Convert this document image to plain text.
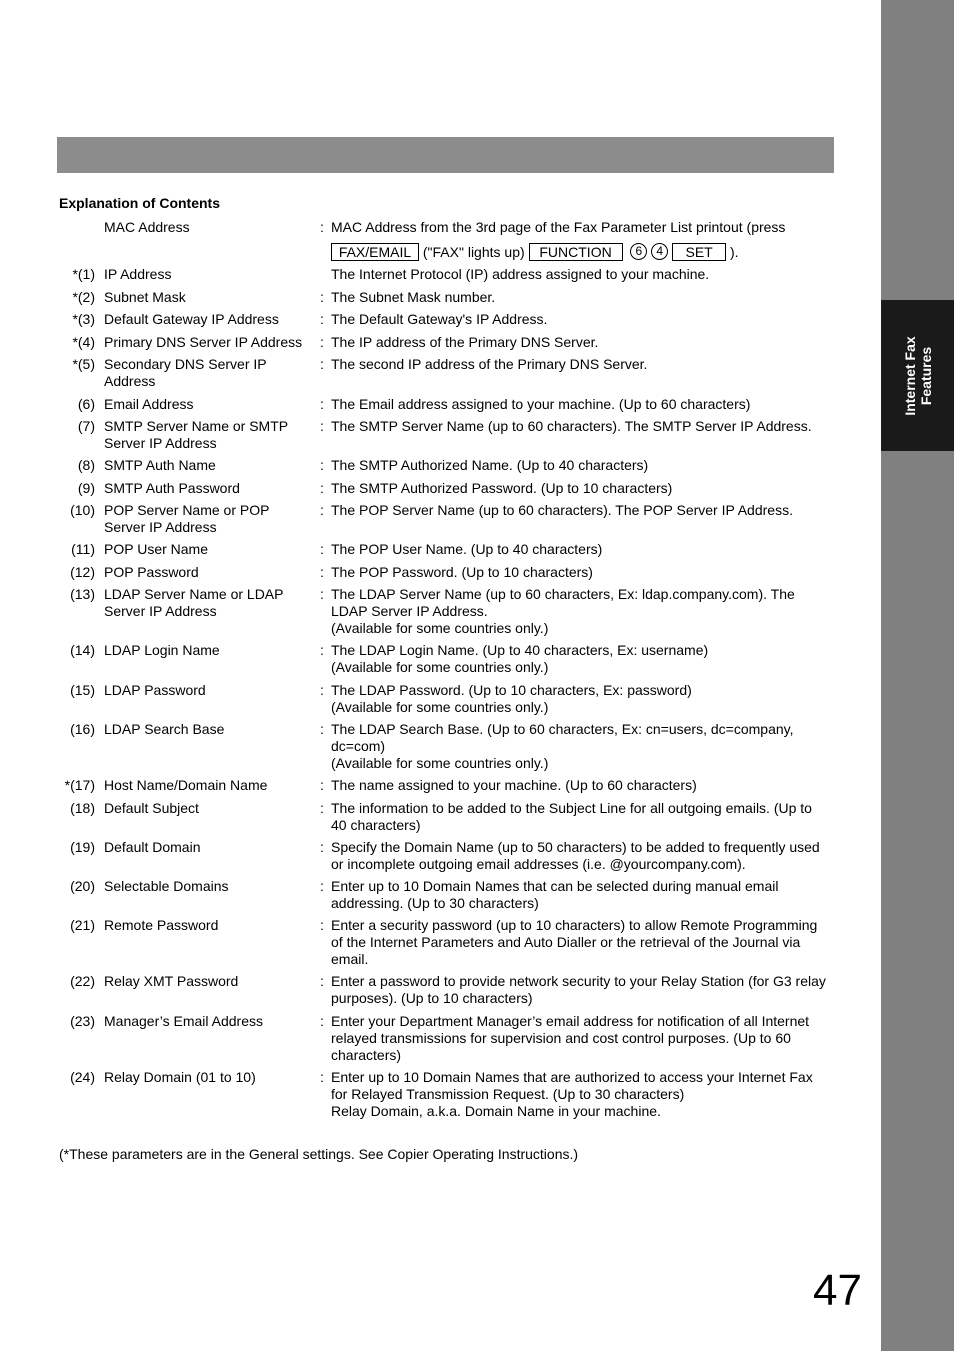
Internet Fax Features
Explanation of Contents
MAC Address	: MAC Address from the 3rd page of the Fax Parameter List printout (press
FAX/EMAIL ("FAX" lights up) FUNCTION 6 4 SET ).
*(1) IP Address	The Internet Protocol (IP) address assigned to your machine.
*(2) Subnet Mask	: The Subnet Mask number.
*(3) Default Gateway IP Address	: The Default Gateway's IP Address.
*(4) Primary DNS Server IP Address	: The IP address of the Primary DNS Server.
*(5) Secondary DNS Server IP Address
: The second IP address of the Primary DNS Server.
(6) Email Address	: The Email address assigned to your machine. (Up to 60 characters)
(7) SMTP Server Name or SMTP Server IP Address
: The SMTP Server Name (up to 60 characters). The SMTP Server IP Address.
(8) SMTP Auth Name	: The SMTP Authorized Name. (Up to 40 characters)
(9) SMTP Auth Password	: The SMTP Authorized Password. (Up to 10 characters)
(10) POP Server Name or POP Server IP Address
: The POP Server Name (up to 60 characters). The POP Server IP Address.
(11) POP User Name	: The POP User Name. (Up to 40 characters)
(12) POP Password	: The POP Password. (Up to 10 characters)
(13) LDAP Server Name or LDAP Server IP Address
: The LDAP Server Name (up to 60 characters, Ex: ldap.company.com). The LDAP Server IP Address.
(Available for some countries only.)
(14) LDAP Login Name	: The LDAP Login Name. (Up to 40 characters, Ex: username)
(Available for some countries only.)
(15) LDAP Password	: The LDAP Password. (Up to 10 characters, Ex: password)
(Available for some countries only.)
(16) LDAP Search Base	: The LDAP Search Base. (Up to 60 characters, Ex: cn=users, dc=company, dc=com)
(Available for some countries only.)
*(17) Host Name/Domain Name	: The name assigned to your machine. (Up to 60 characters)
(18) Default Subject	: The information to be added to the Subject Line for all outgoing emails. (Up to 40 characters)
(19) Default Domain	: Specify the Domain Name (up to 50 characters) to be added to frequently used or incomplete outgoing email addresses (i.e. @yourcompany.com).
(20) Selectable Domains	: Enter up to 10 Domain Names that can be selected during manual email addressing. (Up to 30 characters)
(21) Remote Password	: Enter a security password (up to 10 characters) to allow Remote Programming of the Internet Parameters and Auto Dialler or the retrieval of the Journal via email.
(22) Relay XMT Password	: Enter a password to provide network security to your Relay Station (for G3 relay purposes). (Up to 10 characters)
(23) Manager’s Email Address	: Enter your Department Manager’s email address for notification of all Internet relayed transmissions for supervision and cost control purposes. (Up to 60 characters)
(24) Relay Domain (01 to 10)	: Enter up to 10 Domain Names that are authorized to access your Internet Fax for Relayed Transmission Request. (Up to 30 characters)
Relay Domain, a.k.a. Domain Name in your machine.
(*These parameters are in the General settings. See Copier Operating Instructions.)
47
